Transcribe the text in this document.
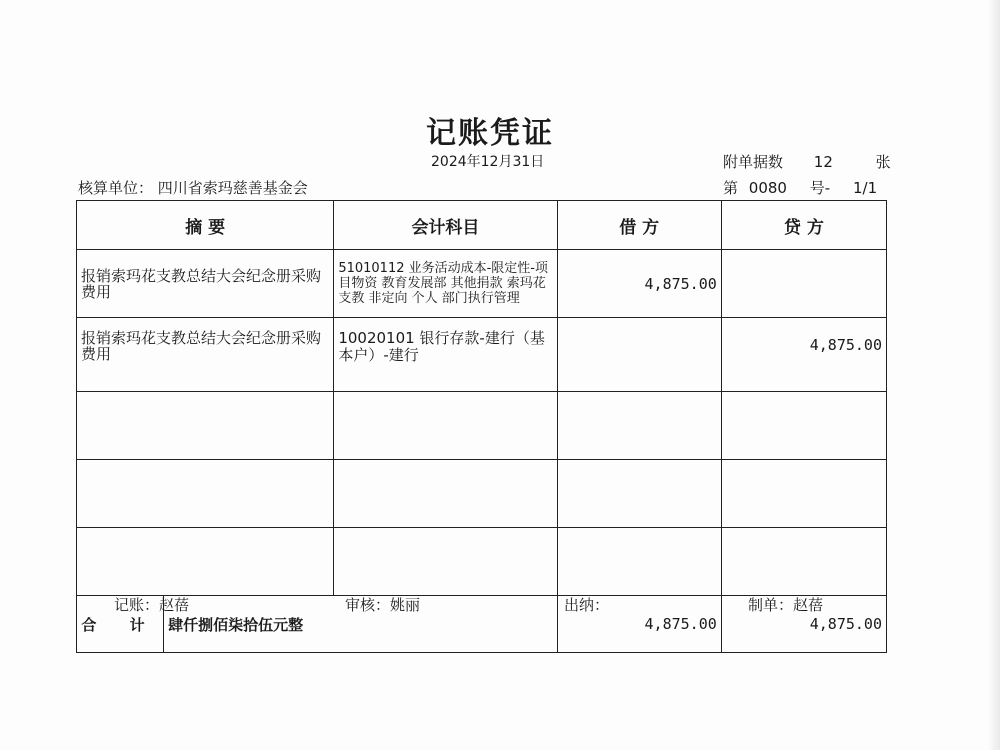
记账凭证
2024年12月31日	附单据数 12	张
核算单位： 四川省索玛慈善基金会	第 0080 号- 1/1
摘 要		会计科目	借 方	贷 方
报销索玛花支教总结大会纪念册采购费用		51010112 业务活动成本-限定性-项目物资 教育发展部 其他捐款 索玛花支教 非定向 个人 部门执行管理	4,875.00	
报销索玛花支教总结大会纪念册采购费用		10020101 银行存款-建行（基本户）-建行		4,875.00

合 计	肆仟捌佰柒拾伍元整		4,875.00	4,875.00
记账：赵蓓	审核：姚丽	出纳：	制单：赵蓓
